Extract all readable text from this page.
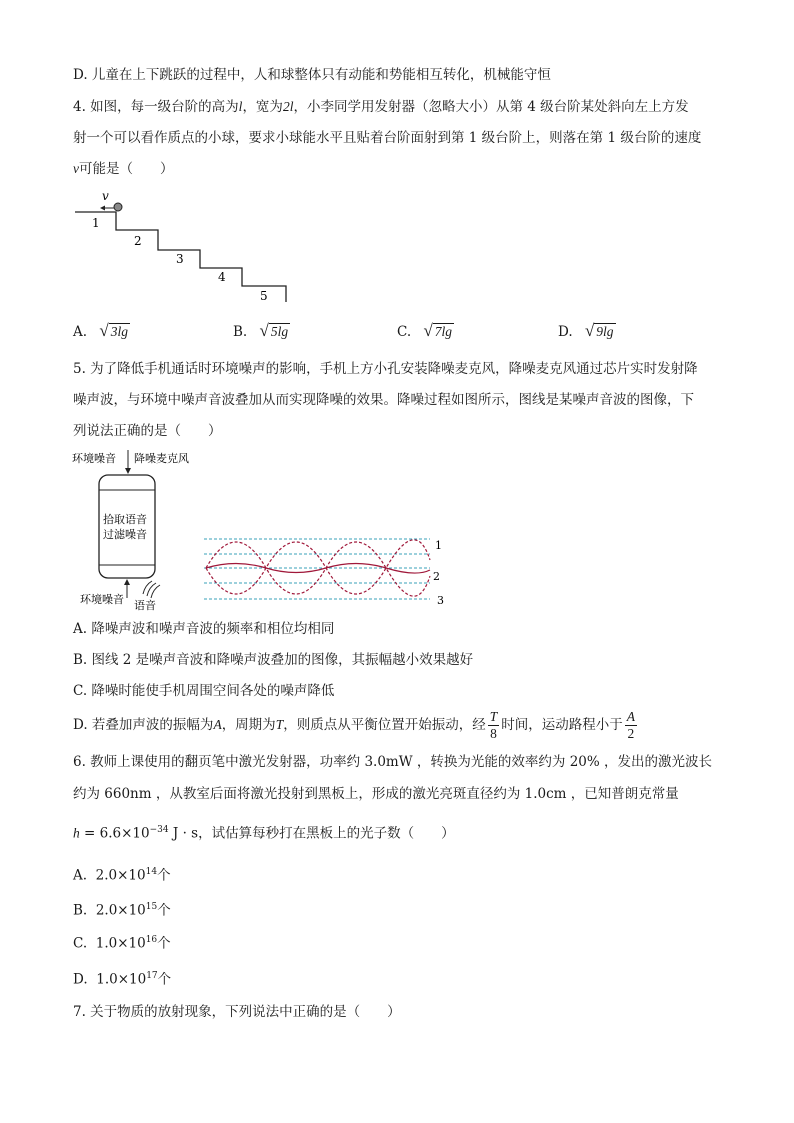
D. 儿童在上下跳跃的过程中，人和球整体只有动能和势能相互转化，机械能守恒
4. 如图，每一级台阶的高为l，宽为2l，小李同学用发射器（忽略大小）从第 4 级台阶某处斜向左上方发
射一个可以看作质点的小球，要求小球能水平且贴着台阶面射到第 1 级台阶上，则落在第 1 级台阶的速度
v可能是（　　）
v
1
2
3
4
5
A. √ 3lg	B. √ 5lg	C. √ 7lg	D. √ 9lg
5. 为了降低手机通话时环境噪声的影响，手机上方小孔安装降噪麦克风，降噪麦克风通过芯片实时发射降
噪声波，与环境中噪声音波叠加从而实现降噪的效果。降噪过程如图所示，图线是某噪声音波的图像，下
列说法正确的是（　　）
环境噪音 降噪麦克风
拾取语音
过滤噪音
环境噪音 语音
1
2
3
A. 降噪声波和噪声音波的频率和相位均相同
B. 图线 2 是噪声音波和降噪声波叠加的图像，其振幅越小效果越好
C. 降噪时能使手机周围空间各处的噪声降低
D. 若叠加声波的振幅为A，周期为T，则质点从平衡位置开始振动，经 $\frac{T}{8}$ 时间，运动路程小于 $\frac{A}{2}$
6. 教师上课使用的翻页笔中激光发射器，功率约 3.0mW ，转换为光能的效率约为 20% ，发出的激光波长
约为 660nm ，从教室后面将激光投射到黑板上，形成的激光亮斑直径约为 1.0cm ，已知普朗克常量
$h = 6.6\times 10^{-34}$ J · s，试估算每秒打在黑板上的光子数（　　）
A. $2.0\times 10^{14}$个
B. $2.0\times 10^{15}$个
C. $1.0\times 10^{16}$个
D. $1.0\times 10^{17}$个
7. 关于物质的放射现象，下列说法中正确的是（　　）
